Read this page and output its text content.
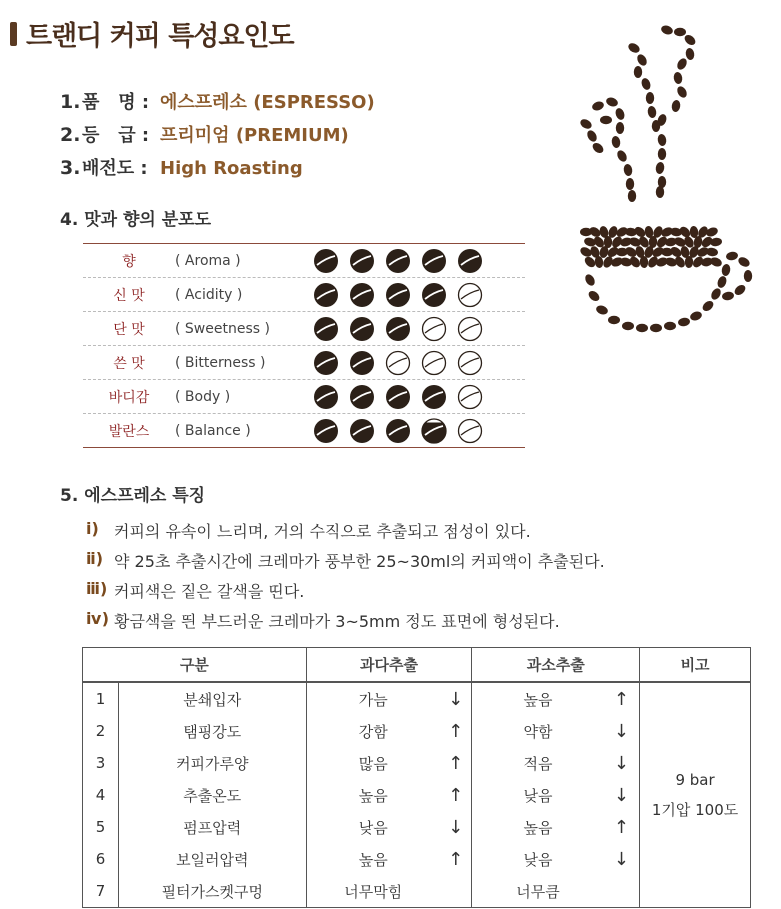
트랜디 커피 특성요인도
1. 품   명 : 에스프레소 (ESPRESSO)
2. 등   급 : 프리미엄 (PREMIUM)
3. 배전도 : High Roasting
4. 맛과 향의 분포도
향	( Aroma )
신 맛	( Acidity )
단 맛	( Sweetness )
쓴 맛	( Bitterness )
바디감	( Body )
발란스	( Balance )
5. 에스프레소 특징
ⅰ) 커피의 유속이 느리며, 거의 수직으로 추출되고 점성이 있다.
ⅱ) 약 25초 추출시간에 크레마가 풍부한 25~30ml의 커피액이 추출된다.
ⅲ) 커피색은 짙은 갈색을 띤다.
ⅳ) 황금색을 띈 부드러운 크레마가 3~5mm 정도 표면에 형성된다.
구분		과다추출		과소추출		비고
1	분쇄입자	가늠	↓	높음	↑	9 bar
1기압 100도

2	탬핑강도	강함	↑	약함	↓	
3	커피가루양	많음	↑	적음	↓	
4	추출온도	높음	↑	낮음	↓	
5	펌프압력	낮음	↓	높음	↑	
6	보일러압력	높음	↑	낮음	↓	
7	필터가스켓구멍	너무막힘		너무큼		
